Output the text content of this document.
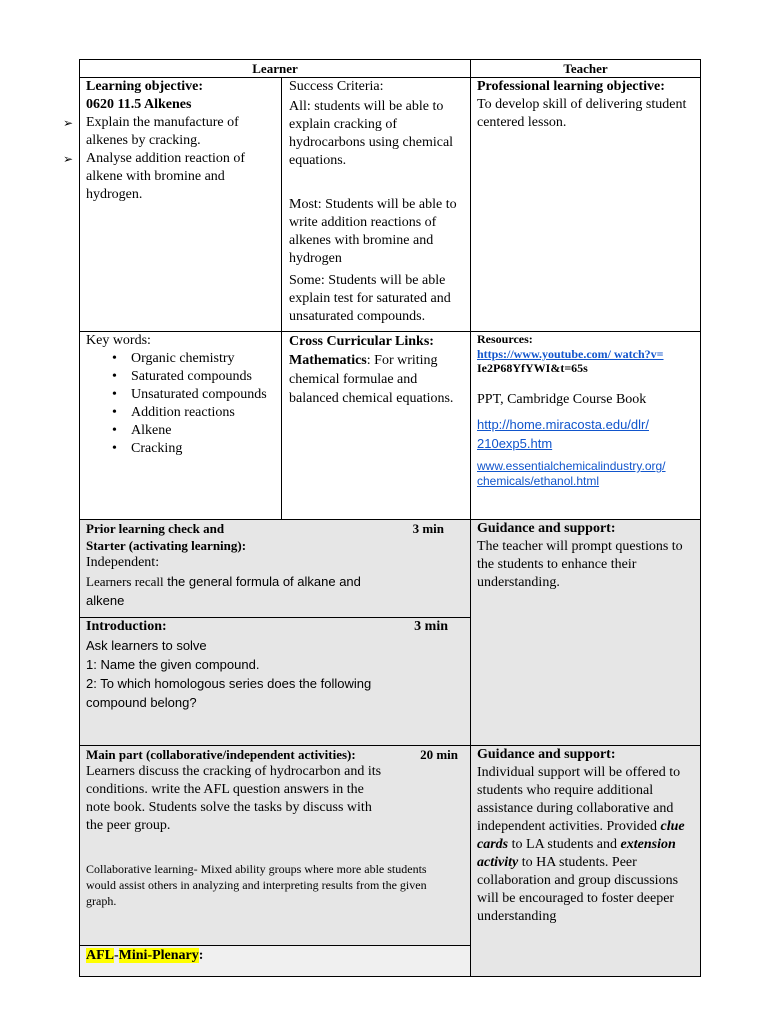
Learner	Teacher
Learning objective:
0620 11.5 Alkenes
➢ Explain the manufacture of alkenes by cracking.
➢ Analyse addition reaction of alkene with bromine and hydrogen.
Success Criteria:
All: students will be able to explain cracking of hydrocarbons using chemical equations.
Most: Students will be able to write addition reactions of alkenes with bromine and hydrogen
Some: Students will be able explain test for saturated and unsaturated compounds.
Professional learning objective:
To develop skill of delivering student centered lesson.
Key words:
• Organic chemistry
• Saturated compounds
• Unsaturated compounds
• Addition reactions
• Alkene
• Cracking
Cross Curricular Links:
Mathematics: For writing chemical formulae and balanced chemical equations.
Resources:
https://www.youtube.com/ watch?v=
Ie2P68YfYWI&t=65s
PPT, Cambridge Course Book
http://home.miracosta.edu/dlr/ 210exp5.htm
www.essentialchemicalindustry.org/ chemicals/ethanol.html
3 min
Prior learning check and
Starter (activating learning):
Independent:
Learners recall the general formula of alkane and alkene
Guidance and support:
The teacher will prompt questions to the students to enhance their understanding.
3 min
Introduction:
Ask learners to solve
1: Name the given compound.
2: To which homologous series does the following compound belong?
20 min
Main part (collaborative/independent activities):
Learners discuss the cracking of hydrocarbon and its conditions. write the AFL question answers in the note book. Students solve the tasks by discuss with the peer group.
Collaborative learning- Mixed ability groups where more able students would assist others in analyzing and interpreting results from the given graph.
Guidance and support:
Individual support will be offered to students who require additional assistance during collaborative and independent activities. Provided clue cards to LA students and extension activity to HA students. Peer collaboration and group discussions will be encouraged to foster deeper understanding
AFL-Mini-Plenary:
